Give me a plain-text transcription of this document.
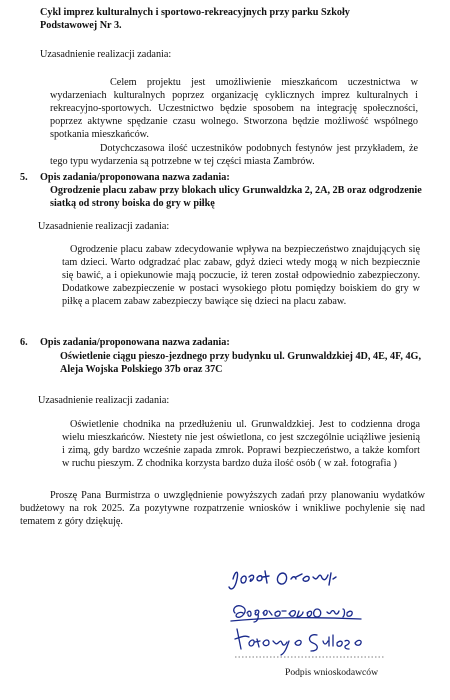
Cykl imprez kulturalnych i sportowo-rekreacyjnych przy parku Szkoły
Podstawowej Nr 3.
Uzasadnienie realizacji zadania:
Celem projektu jest umożliwienie mieszkańcom uczestnictwa w wydarzeniach kulturalnych poprzez organizację cyklicznych imprez kulturalnych i rekreacyjno-sportowych. Uczestnictwo będzie sposobem na integrację społeczności, poprzez aktywne spędzanie czasu wolnego. Stworzona będzie możliwość wspólnego spotkania mieszkańców.
Dotychczasowa ilość uczestników podobnych festynów jest przykładem, że tego typu wydarzenia są potrzebne w tej części miasta Zambrów.
5. Opis zadania/proponowana nazwa zadania:
Ogrodzenie placu zabaw przy blokach ulicy Grunwaldzka 2, 2A, 2B oraz odgrodzenie siatką od strony boiska do gry w piłkę
Uzasadnienie realizacji zadania:
Ogrodzenie placu zabaw zdecydowanie wpływa na bezpieczeństwo znajdujących się tam dzieci. Warto odgradzać plac zabaw, gdyż dzieci wtedy mogą w nich bezpiecznie się bawić, a i opiekunowie mają poczucie, iż teren został odpowiednio zabezpieczony. Dodatkowe zabezpieczenie w postaci wysokiego płotu pomiędzy boiskiem do gry w piłkę a placem zabaw zabezpieczy bawiące się dzieci na placu zabaw.
6. Opis zadania/proponowana nazwa zadania:
Oświetlenie ciągu pieszo-jezdnego przy budynku ul. Grunwaldzkiej 4D, 4E, 4F, 4G, Aleja Wojska Polskiego 37b oraz 37C
Uzasadnienie realizacji zadania:
Oświetlenie chodnika na przedłużeniu ul. Grunwaldzkiej. Jest to codzienna droga wielu mieszkańców. Niestety nie jest oświetlona, co jest szczególnie uciążliwe jesienią i zimą, gdy bardzo wcześnie zapada zmrok. Poprawi bezpieczeństwo, a także komfort w ruchu pieszym. Z chodnika korzysta bardzo duża ilość osób ( w zał. fotografia )
Proszę Pana Burmistrza o uwzględnienie powyższych zadań przy planowaniu wydatków budżetowy na rok 2025. Za pozytywne rozpatrzenie wniosków i wnikliwe pochylenie się nad tematem z góry dziękuję.
Podpis wnioskodawców
